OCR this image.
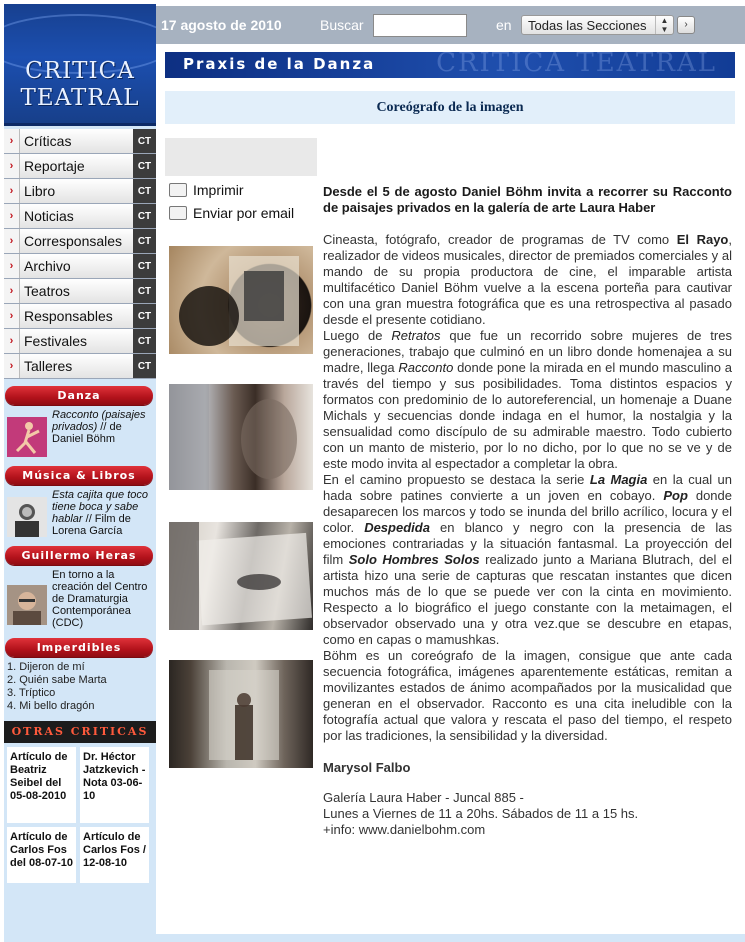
CRITICA
TEATRAL
› Críticas	CT
› Reportaje	CT
› Libro	CT
› Noticias	CT
› Corresponsales	CT
› Archivo	CT
› Teatros	CT
› Responsables	CT
› Festivales	CT
› Talleres	CT
Danza
Racconto (paisajes privados) // de Daniel Böhm
Música & Libros
Esta cajita que toco tiene boca y sabe hablar // Film de Lorena García
Guillermo Heras
En torno a la creación del Centro de Dramaturgia Contemporánea (CDC)
Imperdibles
1. Dijeron de mí
2. Quién sabe Marta
3. Tríptico
4. Mi bello dragón
OTRAS CRITICAS
Artículo de Beatriz Seibel del 05-08-2010
Dr. Héctor Jatzkevich - Nota 03-06-10
Artículo de Carlos Fos del 08-07-10
Artículo de Carlos Fos / 12-08-10
17 agosto de 2010	Buscar	en	Todas las Secciones	▲
▼	›
Praxis de la Danza CRITICA TEATRAL
Coreógrafo de la imagen
Imprimir
Enviar por email
Desde el 5 de agosto Daniel Böhm invita a recorrer su Racconto de paisajes privados en la galería de arte Laura Haber

Cineasta, fotógrafo, creador de programas de TV como El Rayo, realizador de videos musicales, director de premiados comerciales y al mando de su propia productora de cine, el imparable artista multifacético Daniel Böhm vuelve a la escena porteña para cautivar con una gran muestra fotográfica que es una retrospectiva al pasado desde el presente cotidiano.

Luego de Retratos que fue un recorrido sobre mujeres de tres generaciones, trabajo que culminó en un libro donde homenajea a su madre, llega Racconto donde pone la mirada en el mundo masculino a través del tiempo y sus posibilidades. Toma distintos espacios y formatos con predominio de lo autoreferencial, un homenaje a Duane Michals y secuencias donde indaga en el humor, la nostalgia y la sensualidad como discípulo de su admirable maestro. Todo cubierto con un manto de misterio, por lo no dicho, por lo que no se ve y de este modo invita al espectador a completar la obra.

En el camino propuesto se destaca la serie La Magia en la cual un hada sobre patines convierte a un joven en cobayo. Pop donde desaparecen los marcos y todo se inunda del brillo acrílico, locura y el color. Despedida en blanco y negro con la presencia de las emociones contrariadas y la situación fantasmal. La proyección del film Solo Hombres Solos realizado junto a Mariana Blutrach, del el artista hizo una serie de capturas que rescatan instantes que dicen muchos más de lo que se puede ver con la cinta en movimiento. Respecto a lo biográfico el juego constante con la metaimagen, el observador observado una y otra vez.que se descubre en etapas, como en capas o mamushkas.

Böhm es un coreógrafo de la imagen, consigue que ante cada secuencia fotográfica, imágenes aparentemente estáticas, remitan a movilizantes estados de ánimo acompañados por la musicalidad que generan en el observador. Racconto es una cita ineludible con la fotografía actual que valora y rescata el paso del tiempo, el respeto por las tradiciones, la sensibilidad y la diversidad.

Marysol Falbo
Galería Laura Haber - Juncal 885 -
Lunes a Viernes de 11 a 20hs. Sábados de 11 a 15 hs.
+info: www.danielbohm.com
